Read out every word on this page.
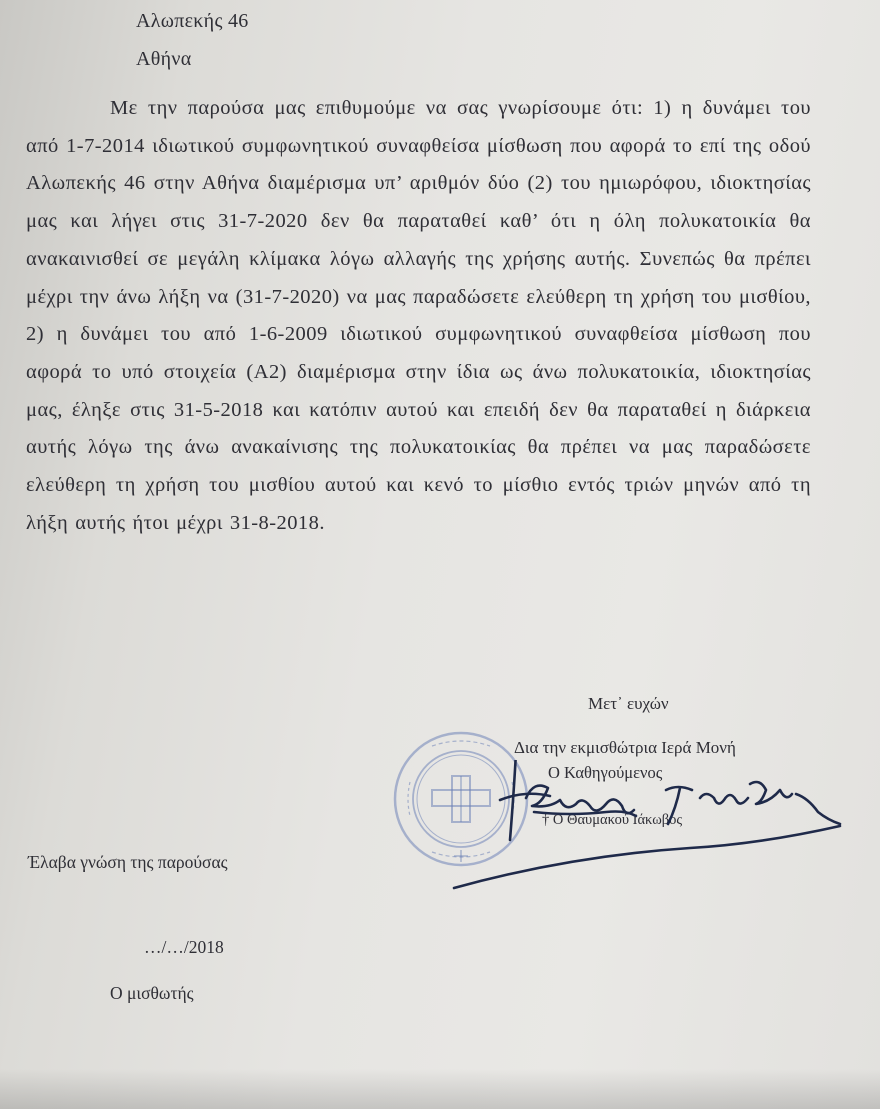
Αλωπεκής 46
Αθήνα

Με την παρούσα μας επιθυμούμε να σας γνωρίσουμε ότι: 1) η δυνάμει του από 1-7-2014 ιδιωτικού συμφωνητικού συναφθείσα μίσθωση που αφορά το επί της οδού Αλωπεκής 46 στην Αθήνα διαμέρισμα υπ’ αριθμόν δύο (2) του ημιωρόφου, ιδιοκτησίας μας και λήγει στις 31-7-2020 δεν θα παραταθεί καθ’ ότι η όλη πολυκατοικία θα ανακαινισθεί σε μεγάλη κλίμακα λόγω αλλαγής της χρήσης αυτής. Συνεπώς θα πρέπει μέχρι την άνω λήξη να (31-7-2020) να μας παραδώσετε ελεύθερη τη χρήση του μισθίου, 2) η δυνάμει του από 1-6-2009 ιδιωτικού συμφωνητικού συναφθείσα μίσθωση που αφορά το υπό στοιχεία (Α2) διαμέρισμα στην ίδια ως άνω πολυκατοικία, ιδιοκτησίας μας, έληξε στις 31-5-2018 και κατόπιν αυτού και επειδή δεν θα παραταθεί η διάρκεια αυτής λόγω της άνω ανακαίνισης της πολυκατοικίας θα πρέπει να μας παραδώσετε ελεύθερη τη χρήση του μισθίου αυτού και κενό το μίσθιο εντός τριών μηνών από τη λήξη αυτής ήτοι μέχρι 31-8-2018.

Μετ᾽ ευχών
Δια την εκμισθώτρια Ιερά Μονή
Ο Καθηγούμενος
† Ο Θαυμακού Ιάκωβος
Έλαβα γνώση της παρούσας
…/…/2018
Ο μισθωτής
